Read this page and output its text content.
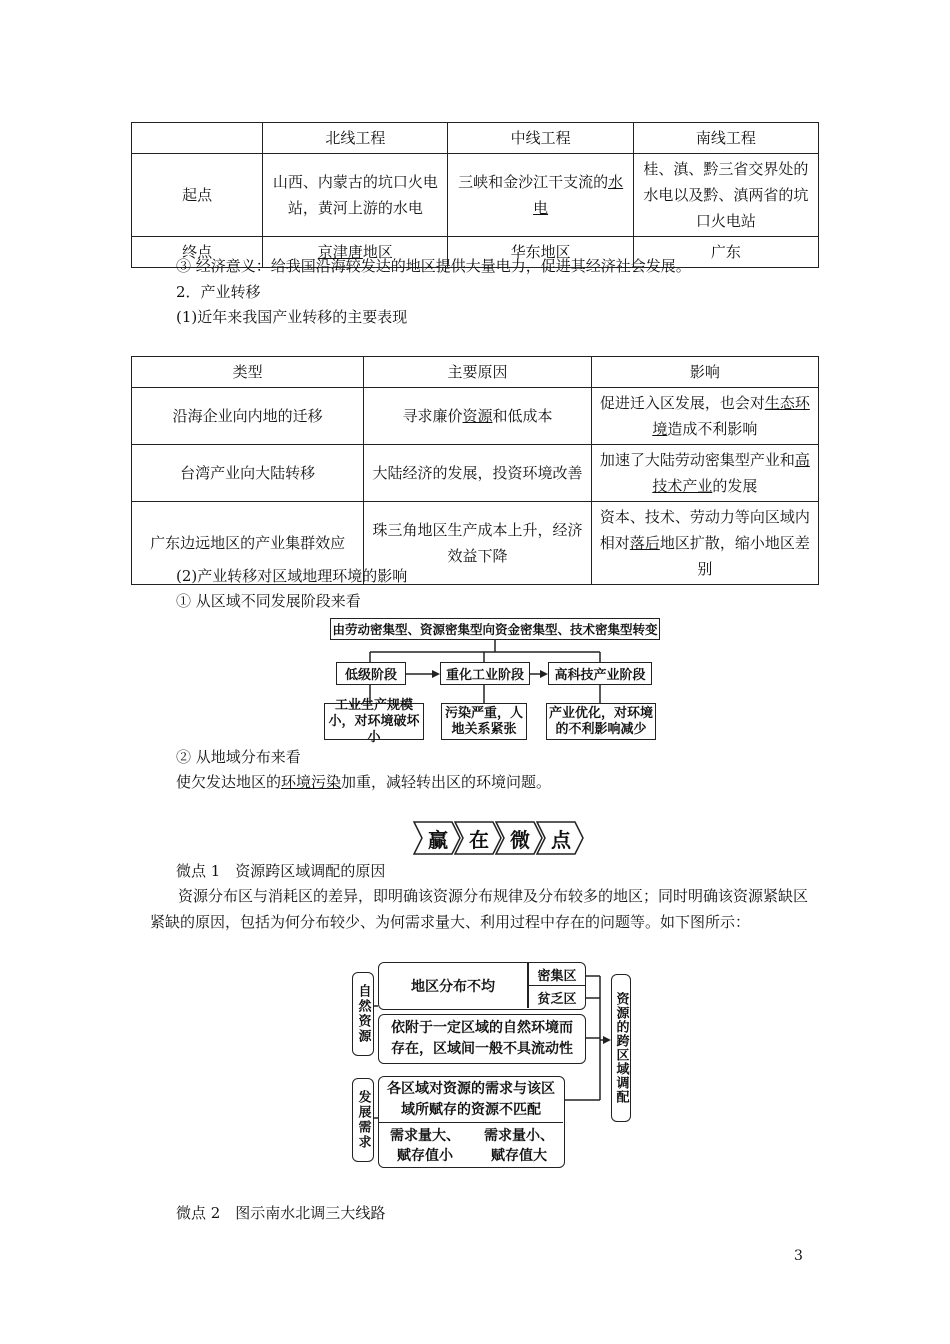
	北线工程	中线工程	南线工程
起点	山西、内蒙古的坑口火电站，黄河上游的水电	三峡和金沙江干支流的水电	桂、滇、黔三省交界处的水电以及黔、滇两省的坑口火电站
终点	京津唐地区	华东地区	广东
③ 经济意义：给我国沿海较发达的地区提供大量电力，促进其经济社会发展。
2．产业转移
(1)近年来我国产业转移的主要表现
类型	主要原因	影响
沿海企业向内地的迁移	寻求廉价资源和低成本	促进迁入区发展，也会对生态环境造成不利影响
台湾产业向大陆转移	大陆经济的发展，投资环境改善	加速了大陆劳动密集型产业和高技术产业的发展
广东边远地区的产业集群效应	珠三角地区生产成本上升，经济效益下降	资本、技术、劳动力等向区域内相对落后地区扩散，缩小地区差别
(2)产业转移对区域地理环境的影响
① 从区域不同发展阶段来看
由劳动密集型、资源密集型向资金密集型、技术密集型转变
低级阶段	重化工业阶段	高科技产业阶段
工业生产规模小，对环境破坏小
污染严重，人地关系紧张
产业优化，对环境的不利影响减少
② 从地域分布来看
使欠发达地区的环境污染加重，减轻转出区的环境问题。
赢	在	微	点
微点 1　资源跨区域调配的原因
资源分布区与消耗区的差异，即明确该资源分布规律及分布较多的地区；同时明确该资源紧缺区紧缺的原因，包括为何分布较少、为何需求量大、利用过程中存在的问题等。如下图所示：
自然资源
发展需求
地区分布不均
密集区
贫乏区
依附于一定区域的自然环境而存在，区域间一般不具流动性
各区域对资源的需求与该区域所赋存的资源不匹配
需求量大、赋存值小
需求量小、赋存值大
资源的跨区域调配
微点 2　图示南水北调三大线路
3
